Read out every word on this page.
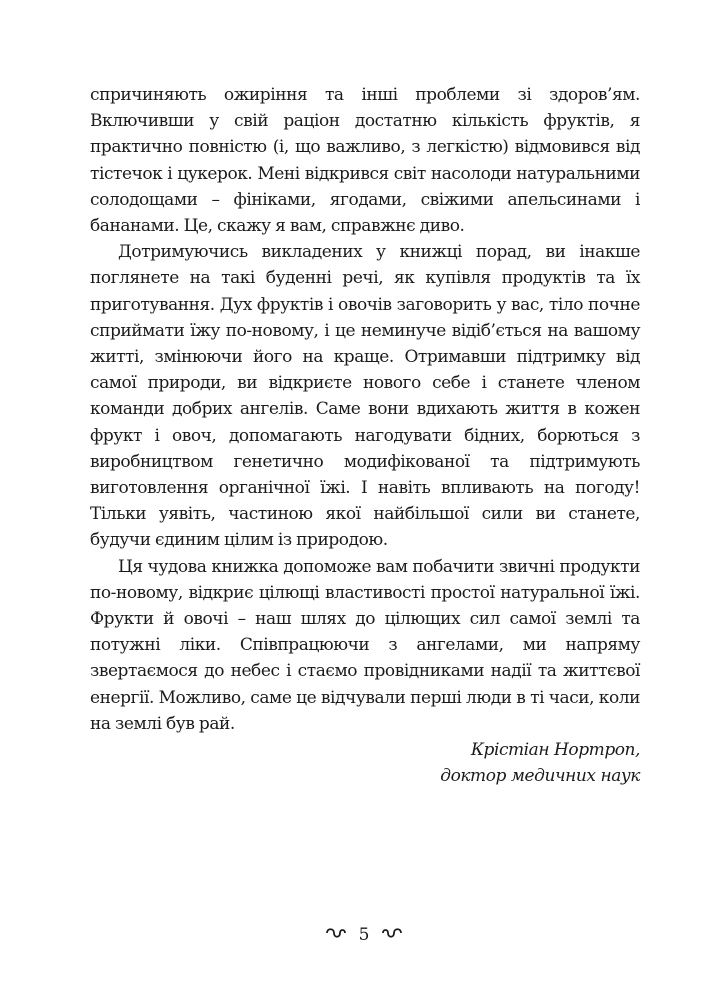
спричиняють ожиріння та інші проблеми зі здоров’ям. Включивши у свій раціон достатню кількість фруктів, я практично повністю (і, що важливо, з легкістю) відмовився від тістечок і цукерок. Мені відкрився світ насолоди натуральними солодощами – фініками, ягодами, свіжими апельсинами і бананами. Це, скажу я вам, справжнє диво.

Дотримуючись викладених у книжці порад, ви інакше поглянете на такі буденні речі, як купівля продуктів та їх приготування. Дух фруктів і овочів заговорить у вас, тіло почне сприймати їжу по-новому, і це неминуче відіб’ється на вашому житті, змінюючи його на краще. Отримавши підтримку від самої природи, ви відкриєте нового себе і станете членом команди добрих ангелів. Саме вони вдихають життя в кожен фрукт і овоч, допомагають нагодувати бідних, борються з виробництвом генетично модифікованої та підтримують виготовлення органічної їжі. І навіть впливають на погоду! Тільки уявіть, частиною якої найбільшої сили ви станете, будучи єдиним цілим із природою.

Ця чудова книжка допоможе вам побачити звичні продукти по-новому, відкриє цілющі властивості простої натуральної їжі. Фрукти й овочі – наш шлях до цілющих сил самої землі та потужні ліки. Співпрацюючи з ангелами, ми напряму звертаємося до небес і стаємо провідниками надії та життєвої енергії. Можливо, саме це відчували перші люди в ті часи, коли на землі був рай.

Крістіан Нортроп,

доктор медичних наук

5
